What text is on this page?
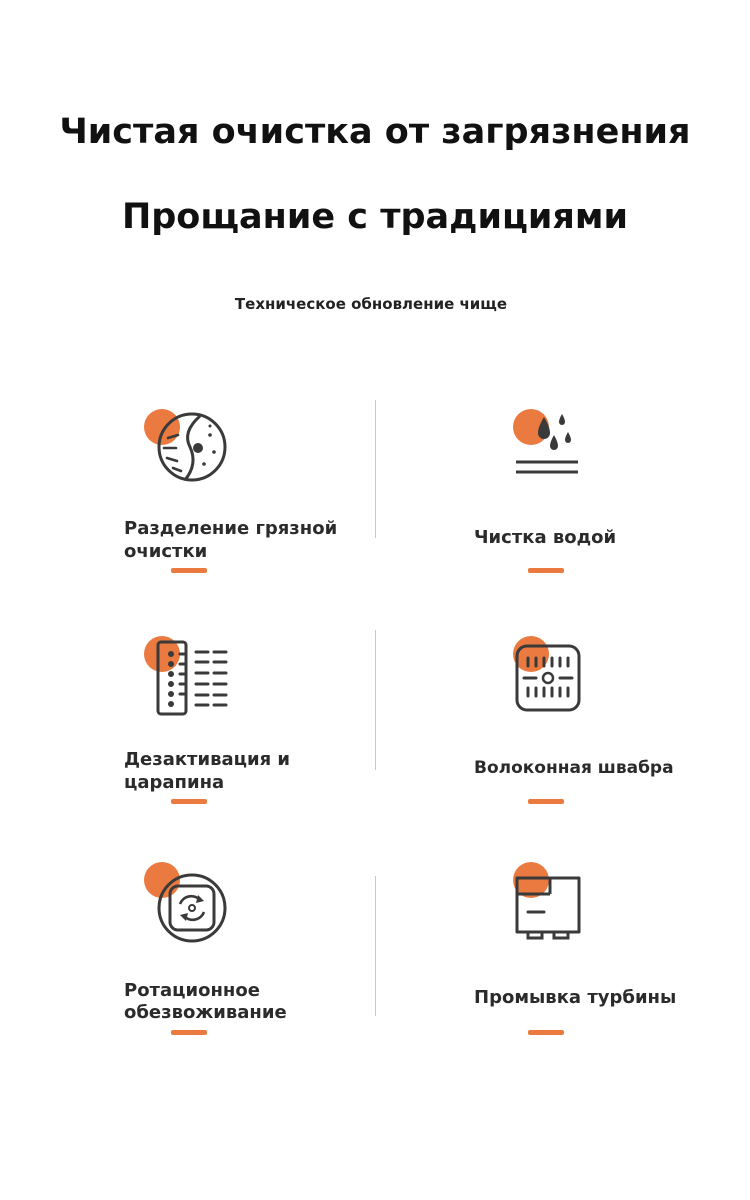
Чистая очистка от загрязнения
Прощание с традициями
Техническое обновление чище
Разделение грязной
очистки
Чистка водой
Дезактивация и
царапина
Волоконная швабра
Ротационное
обезвоживание
Промывка турбины
